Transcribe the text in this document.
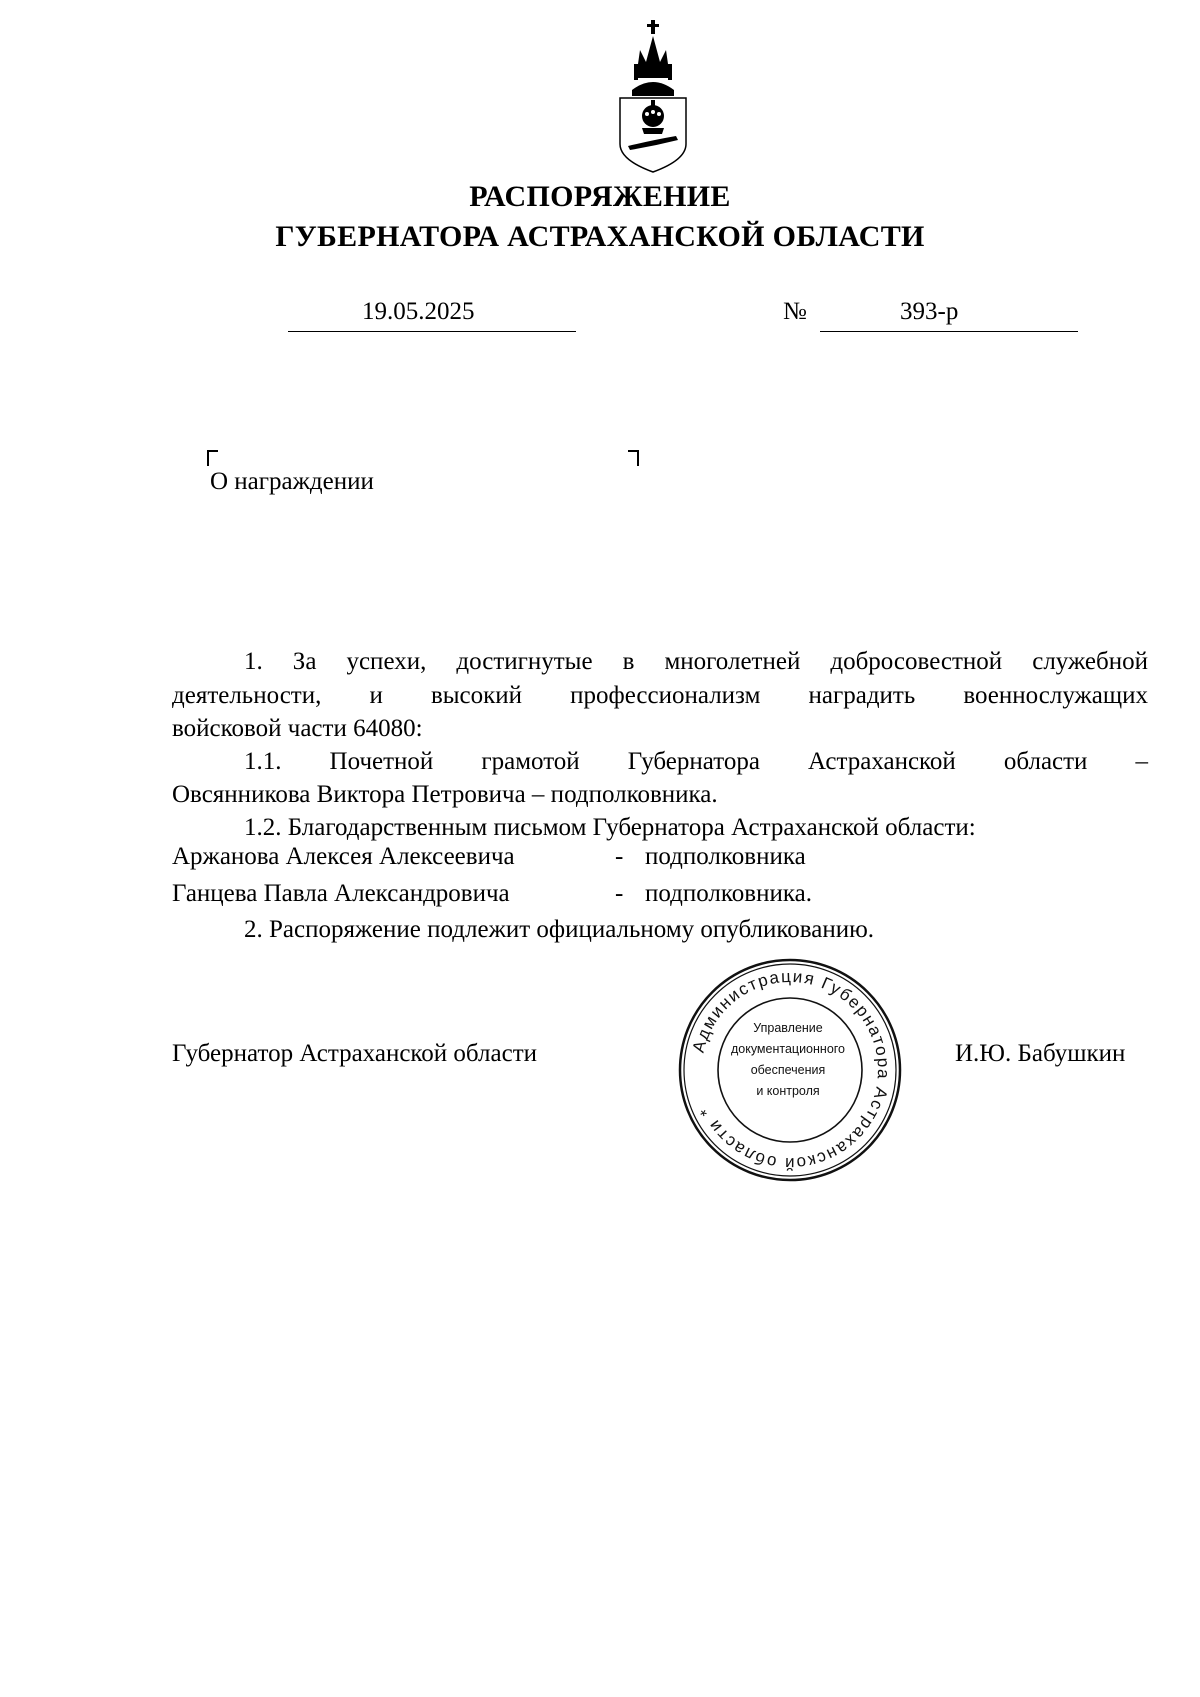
РАСПОРЯЖЕНИЕ
ГУБЕРНАТОРА АСТРАХАНСКОЙ ОБЛАСТИ
19.05.2025	№	393-р
О награждении
1. За успехи, достигнутые в многолетней добросовестной служебной
деятельности, и высокий профессионализм наградить военнослужащих
войсковой части 64080:
1.1. Почетной грамотой Губернатора Астраханской области –
Овсянникова Виктора Петровича – подполковника.
1.2. Благодарственным письмом Губернатора Астраханской области:
Аржанова Алексея Алексеевича	- подполковника
Ганцева Павла Александровича	- подполковника.
2. Распоряжение подлежит официальному опубликованию.
Губернатор Астраханской области	И.Ю. Бабушкин
Администрация Губернатора Астраханской области *
Управление
документационного
обеспечения
и контроля
